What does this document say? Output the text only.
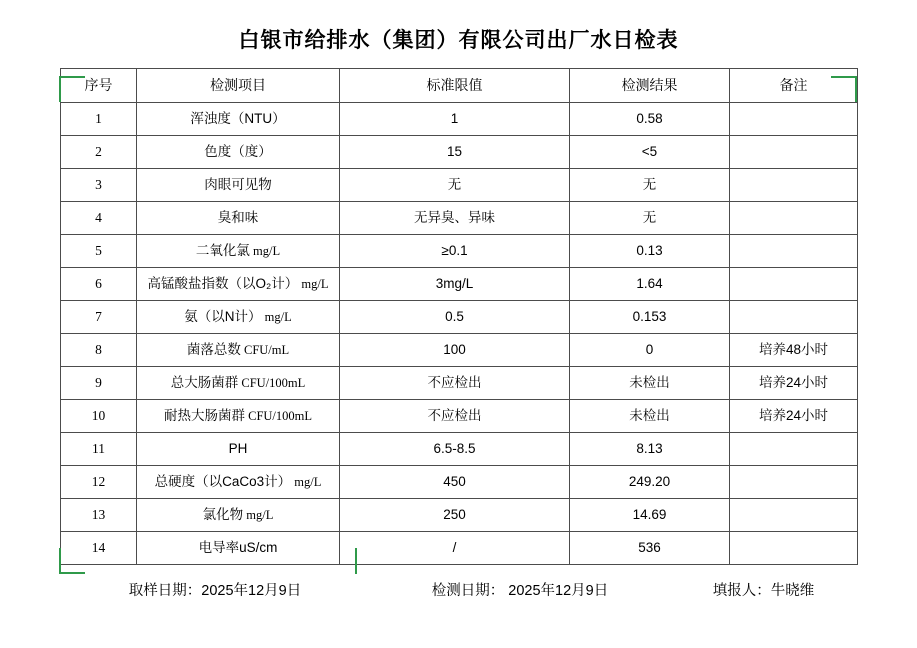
白银市给排水（集团）有限公司出厂水日检表
序号	检测项目	标准限值	检测结果	备注
1	浑浊度（NTU）	1	0.58	
2	色度（度）	15	<5	
3	肉眼可见物	无	无	
4	臭和味	无异臭、异味	无	
5	二氧化氯 mg/L	≥0.1	0.13	
6	高锰酸盐指数（以O₂计） mg/L	3mg/L	1.64	
7	氨（以N计） mg/L	0.5	0.153	
8	菌落总数 CFU/mL	100	0	培养48小时
9	总大肠菌群 CFU/100mL	不应检出	未检出	培养24小时
10	耐热大肠菌群 CFU/100mL	不应检出	未检出	培养24小时
11	PH	6.5-8.5	8.13	
12	总硬度（以CaCo3计） mg/L	450	249.20	
13	氯化物 mg/L	250	14.69	
14	电导率uS/cm	/	536	
取样日期：2025年12月9日	检测日期： 2025年12月9日	填报人：牛晓维
